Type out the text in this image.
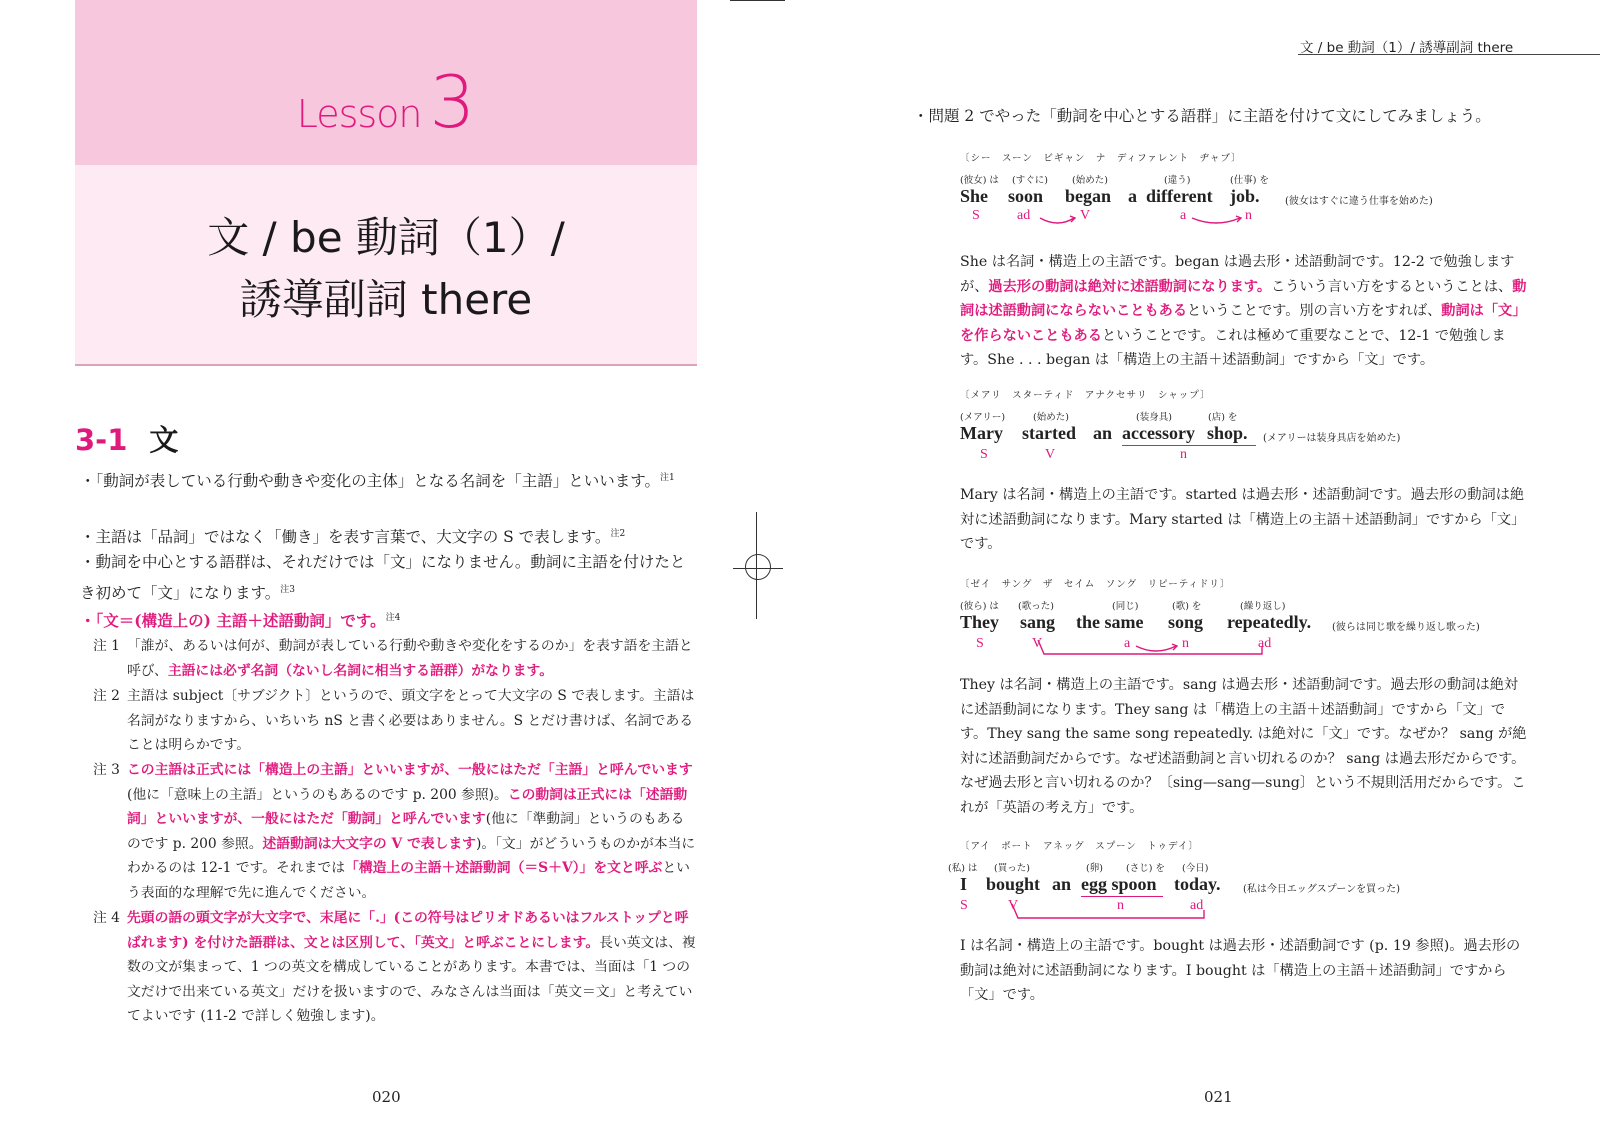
Lesson 3
文 / be 動詞（1）/
誘導副詞 there
3-1 文
・「動詞が表している行動や動きや変化の主体」となる名詞を「主語」といいます。$^{注1}$
・主語は「品詞」ではなく「働き」を表す言葉で、大文字の S で表します。$^{注2}$
・動詞を中心とする語群は、それだけでは「文」になりません。動詞に主語を付けたとき初めて「文」になります。$^{注3}$
・「文＝(構造上の) 主語＋述語動詞」です。$^{注4}$
注 1 「誰が、あるいは何が、動詞が表している行動や動きや変化をするのか」を表す語を主語と呼び、主語には必ず名詞（ないし名詞に相当する語群）がなります。
注 2 主語は subject〔サブジクト〕というので、頭文字をとって大文字の S で表します。主語は名詞がなりますから、いちいち nS と書く必要はありません。S とだけ書けば、名詞であることは明らかです。
注 3 この主語は正式には「構造上の主語」といいますが、一般にはただ「主語」と呼んでいます(他に「意味上の主語」というのもあるのです p. 200 参照)。この動詞は正式には「述語動詞」といいますが、一般にはただ「動詞」と呼んでいます(他に「準動詞」というのもあるのです p. 200 参照。述語動詞は大文字の V で表します)。「文」がどういうものかが本当にわかるのは 12-1 です。それまでは「構造上の主語＋述語動詞（＝S＋V）」を文と呼ぶという表面的な理解で先に進んでください。
注 4 先頭の語の頭文字が大文字で、末尾に「.」(この符号はピリオドあるいはフルストップと呼ばれます) を付けた語群は、文とは区別して、「英文」と呼ぶことにします。長い英文は、複数の文が集まって、1 つの英文を構成していることがあります。本書では、当面は「1 つの文だけで出来ている英文」だけを扱いますので、みなさんは当面は「英文＝文」と考えていてよいです (11-2 で詳しく勉強します)。
020
文 / be 動詞（1）/ 誘導副詞 there
・問題 2 でやった「動詞を中心とする語群」に主語を付けて文にしてみましょう。
〔シー　スーン　ビギャン　ナ　ディファレント　ヂャブ〕
(彼女) は (すぐに)	(始めた)	(違う)	(仕事) を
She soon began a different job.	(彼女はすぐに違う仕事を始めた)
S	ad	V	a	n
She は名詞・構造上の主語です。began は過去形・述語動詞です。12-2 で勉強しますが、過去形の動詞は絶対に述語動詞になります。こういう言い方をするということは、動詞は述語動詞にならないこともあるということです。別の言い方をすれば、動詞は「文」を作らないこともあるということです。これは極めて重要なことで、12-1 で勉強します。She . . . began は「構造上の主語＋述語動詞」ですから「文」です。
〔メアリ　スターティド　アナクセサリ　シャップ〕
(メアリー)	(始めた)	(装身具)	(店) を
Mary started an accessory shop. (メアリーは装身具店を始めた)
S	V	n
Mary は名詞・構造上の主語です。started は過去形・述語動詞です。過去形の動詞は絶対に述語動詞になります。Mary started は「構造上の主語＋述語動詞」ですから「文」です。
〔ゼイ　サング　ザ　セイム　ソング　リピーティドリ〕
(彼ら) は (歌った)	(同じ)	(歌) を	(繰り返し)
They sang the same song repeatedly. (彼らは同じ歌を繰り返し歌った)
S	V	a	n	ad
They は名詞・構造上の主語です。sang は過去形・述語動詞です。過去形の動詞は絶対に述語動詞になります。They sang は「構造上の主語＋述語動詞」ですから「文」です。They sang the same song repeatedly. は絶対に「文」です。なぜか？ sang が絶対に述語動詞だからです。なぜ述語動詞と言い切れるのか？ sang は過去形だからです。なぜ過去形と言い切れるのか？〔sing—sang—sung〕という不規則活用だからです。これが「英語の考え方」です。
〔アイ　ボート　アネッグ　スプーン　トゥデイ〕
(私) は (買った)	(卵) (さじ) を (今日)
I bought an egg spoon today. (私は今日エッグスプーンを買った)
S	V	n	ad
I は名詞・構造上の主語です。bought は過去形・述語動詞です (p. 19 参照)。過去形の動詞は絶対に述語動詞になります。I bought は「構造上の主語＋述語動詞」ですから「文」です。
021
